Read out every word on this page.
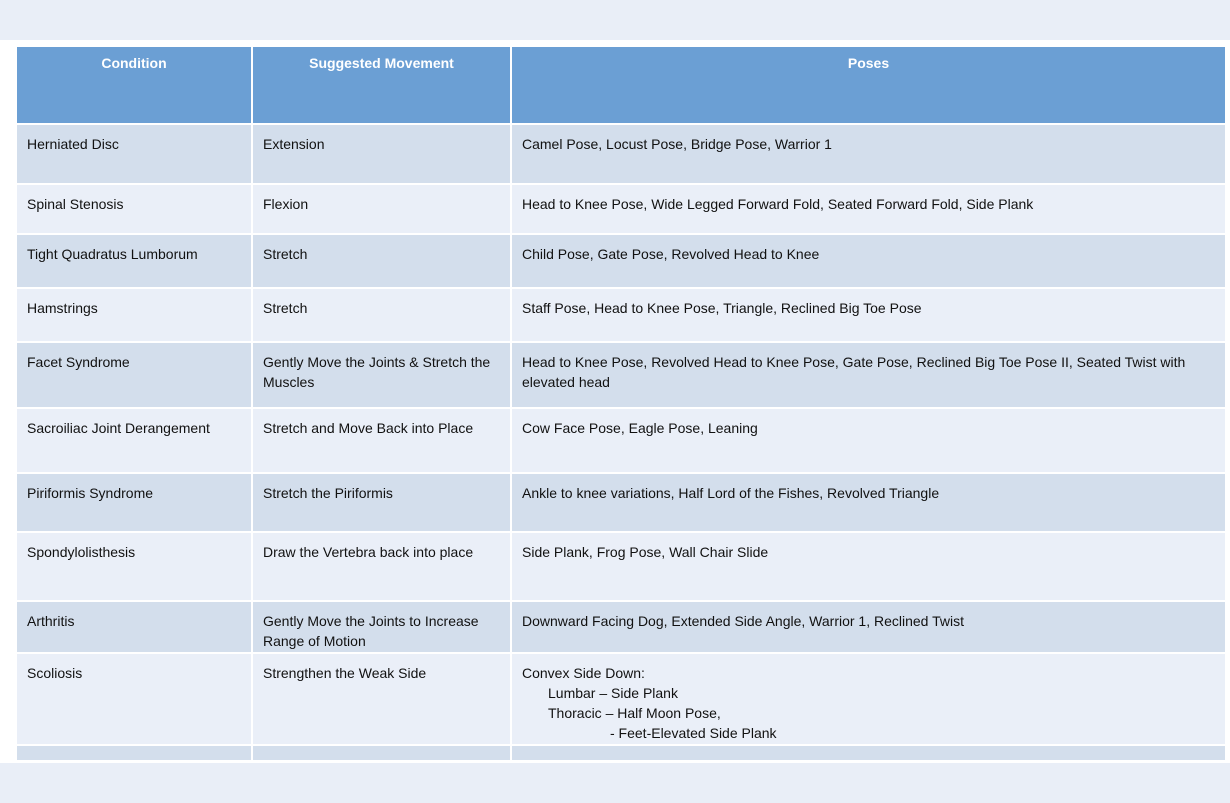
Condition	Suggested Movement	Poses
Herniated Disc	Extension	Camel Pose, Locust Pose, Bridge Pose, Warrior 1
Spinal Stenosis	Flexion	Head to Knee Pose, Wide Legged Forward Fold, Seated Forward Fold, Side Plank
Tight Quadratus Lumborum	Stretch	Child Pose, Gate Pose, Revolved Head to Knee
Hamstrings	Stretch	Staff Pose, Head to Knee Pose, Triangle, Reclined Big Toe Pose
Facet Syndrome	Gently Move the Joints & Stretch the Muscles	Head to Knee Pose, Revolved Head to Knee Pose, Gate Pose, Reclined Big Toe Pose II, Seated Twist with elevated head
Sacroiliac Joint Derangement	Stretch and Move Back into Place	Cow Face Pose, Eagle Pose, Leaning
Piriformis Syndrome	Stretch the Piriformis	Ankle to knee variations, Half Lord of the Fishes, Revolved Triangle
Spondylolisthesis	Draw the Vertebra back into place	Side Plank, Frog Pose, Wall Chair Slide
Arthritis	Gently Move the Joints to Increase Range of Motion	Downward Facing Dog, Extended Side Angle, Warrior 1, Reclined Twist
Scoliosis	Strengthen the Weak Side	Convex Side Down:
Lumbar – Side Plank
Thoracic – Half Moon Pose,
- Feet-Elevated Side Plank
